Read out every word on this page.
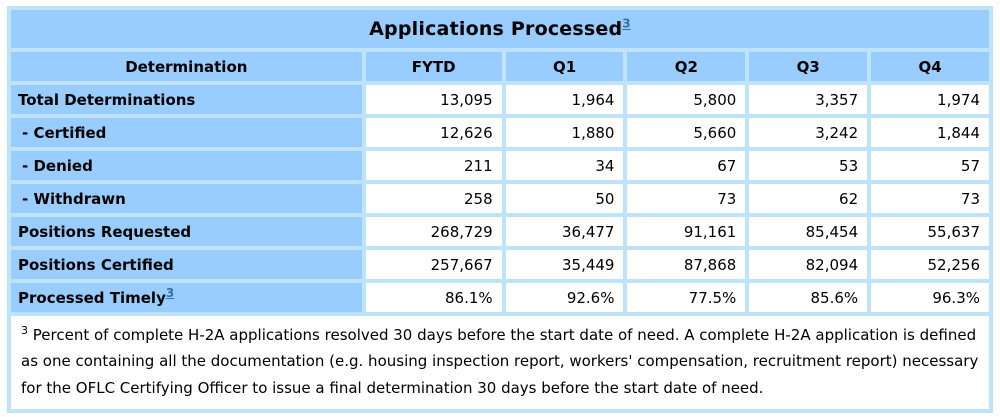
Applications Processed$^3$
Determination	FYTD	Q1	Q2	Q3	Q4
Total Determinations	13,095	1,964	5,800	3,357	1,974
- Certified	12,626	1,880	5,660	3,242	1,844
- Denied	211	34	67	53	57
- Withdrawn	258	50	73	62	73
Positions Requested	268,729	36,477	91,161	85,454	55,637
Positions Certified	257,667	35,449	87,868	82,094	52,256
Processed Timely$^3$	86.1%	92.6%	77.5%	85.6%	96.3%
$^3$ Percent of complete H-2A applications resolved 30 days before the start date of need. A complete H-2A application is defined as one containing all the documentation (e.g. housing inspection report, workers' compensation, recruitment report) necessary for the OFLC Certifying Officer to issue a final determination 30 days before the start date of need.					
